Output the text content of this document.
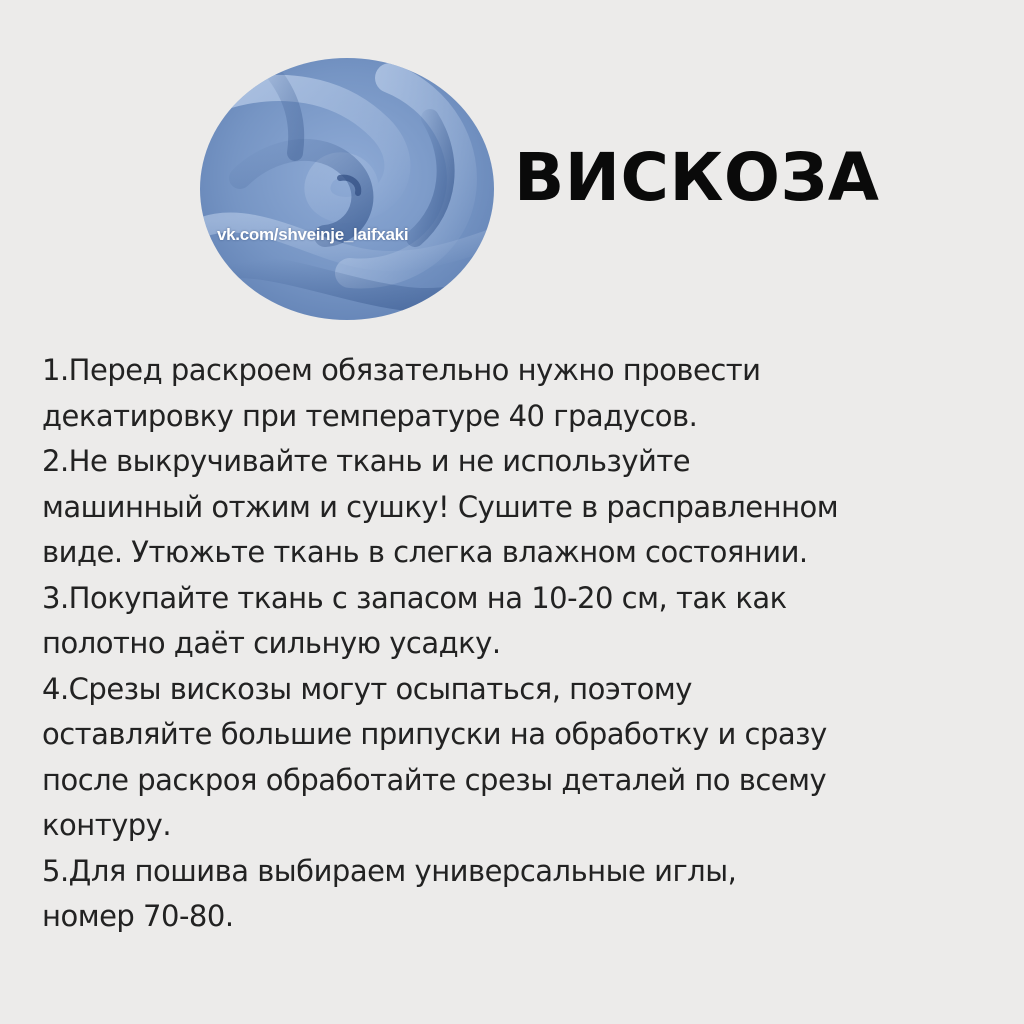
vk.com/shveinje_laifxaki
ВИСКОЗА
1.Перед раскроем обязательно нужно провести
декатировку при температуре 40 градусов.
2.Не выкручивайте ткань и не используйте
машинный отжим и сушку! Сушите в расправленном
виде. Утюжьте ткань в слегка влажном состоянии.
3.Покупайте ткань с запасом на 10-20 см, так как
полотно даёт сильную усадку.
4.Срезы вискозы могут осыпаться, поэтому
оставляйте большие припуски на обработку и сразу
после раскроя обработайте срезы деталей по всему
контуру.
5.Для пошива выбираем универсальные иглы,
номер 70-80.
